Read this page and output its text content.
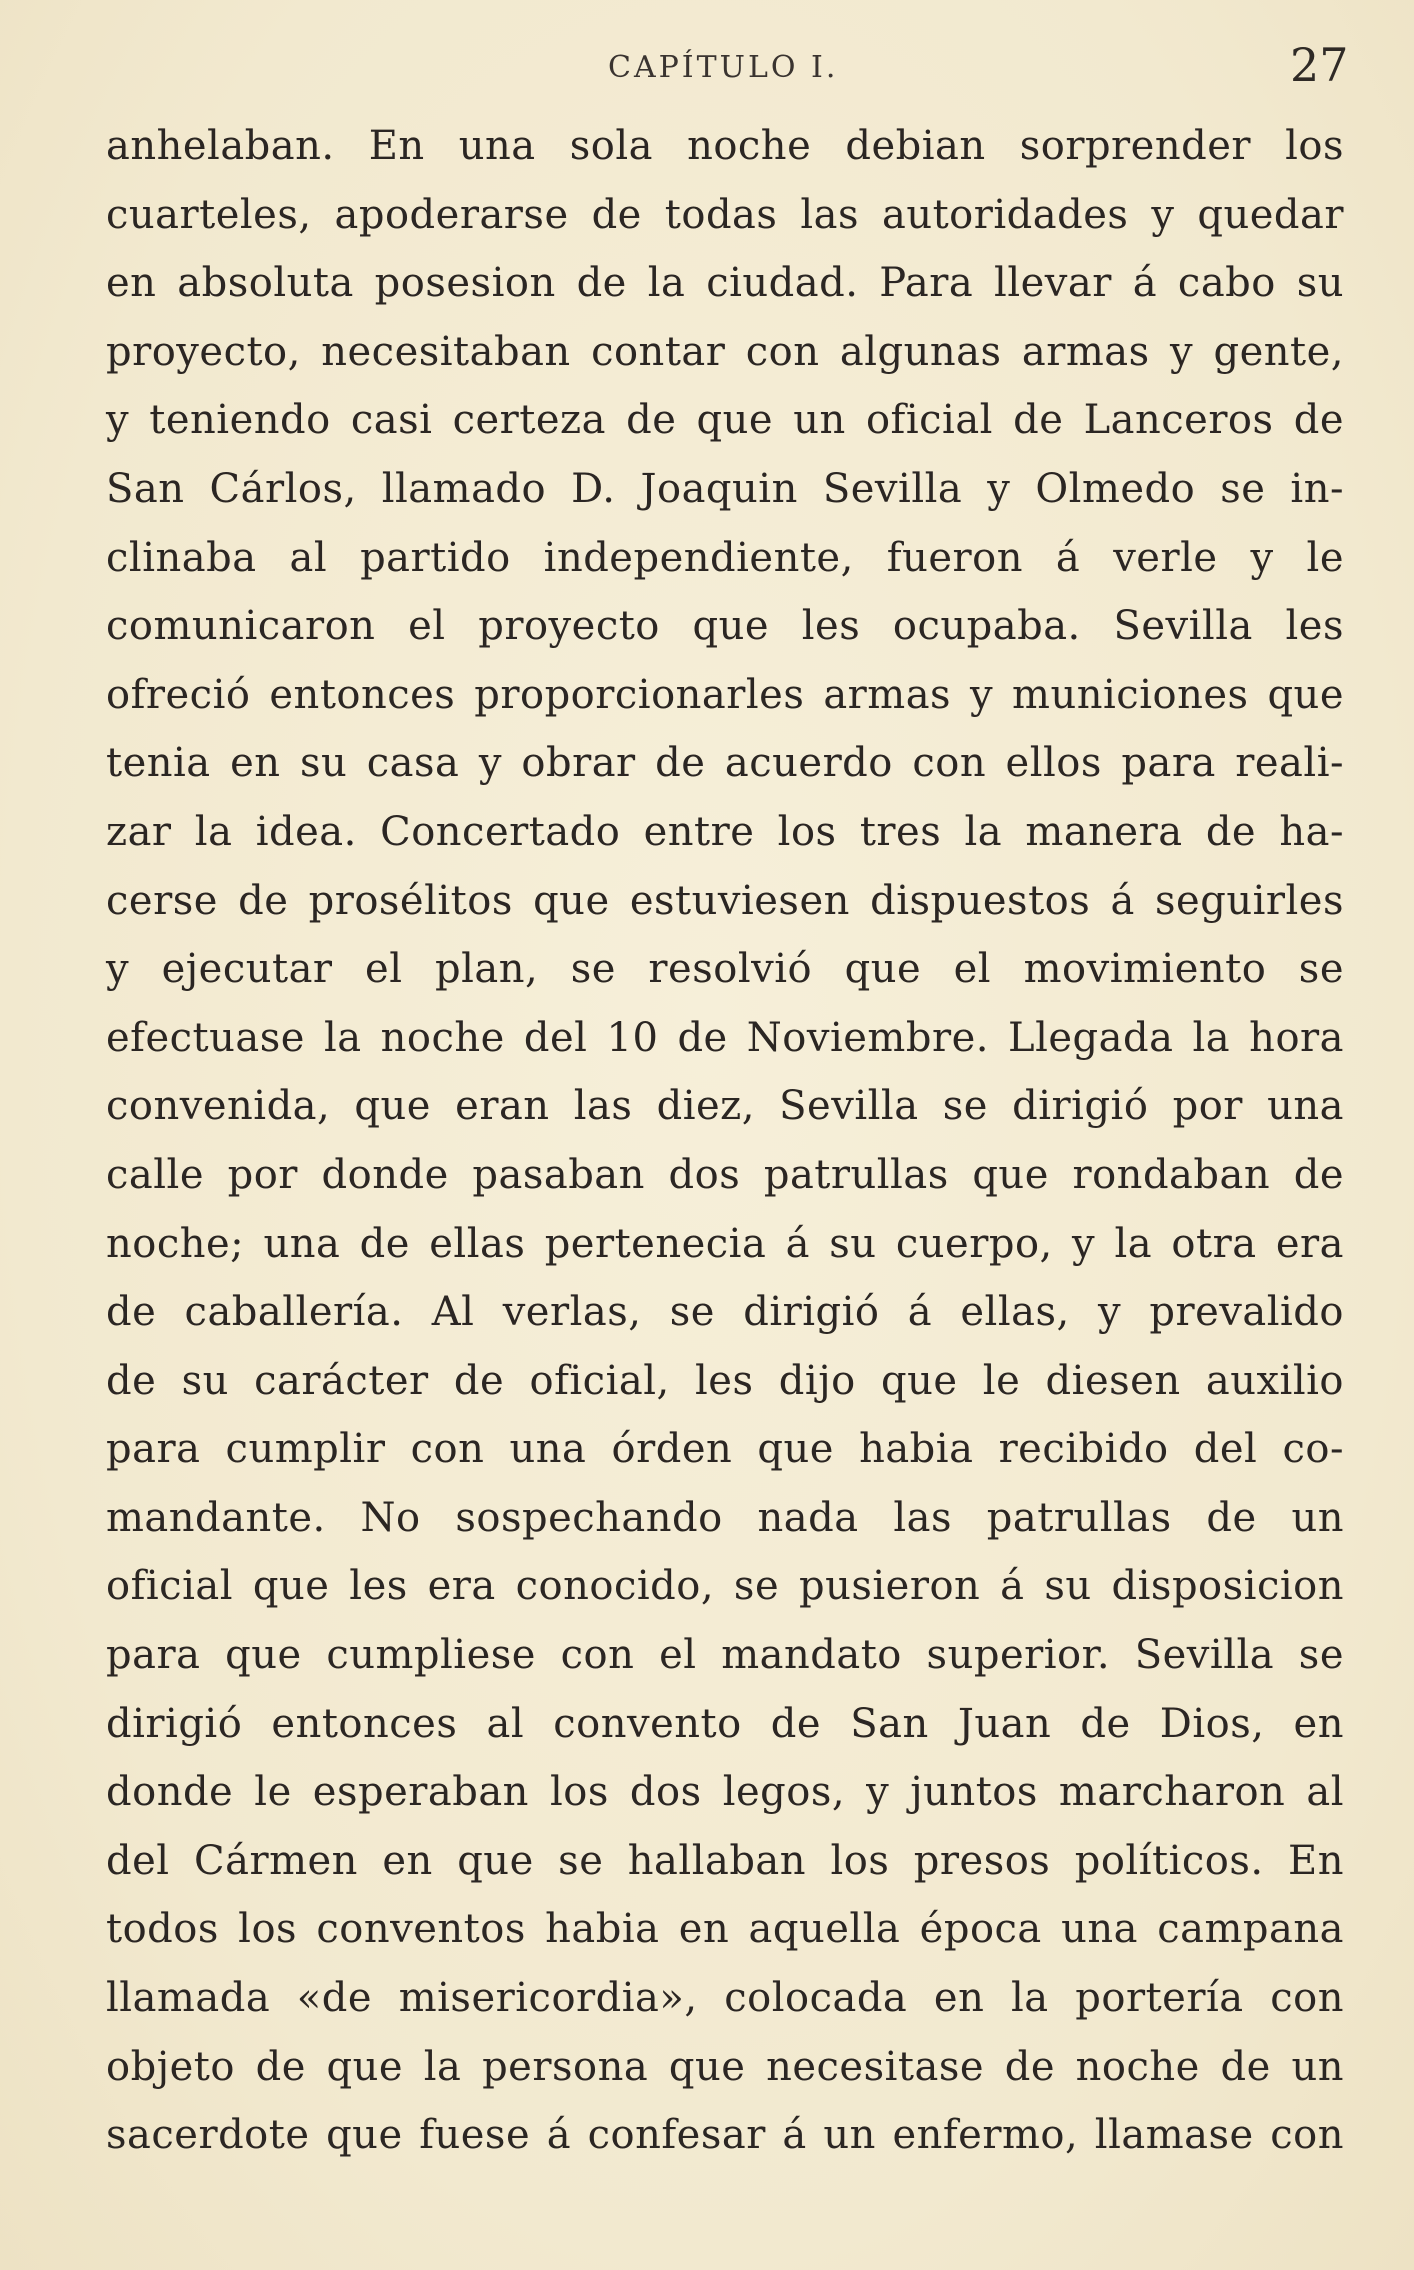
CAPÍTULO I.	27
anhelaban. En una sola noche debian sorprender los
cuarteles, apoderarse de todas las autoridades y quedar
en absoluta posesion de la ciudad. Para llevar á cabo su
proyecto, necesitaban contar con algunas armas y gente,
y teniendo casi certeza de que un oficial de Lanceros de
San Cárlos, llamado D. Joaquin Sevilla y Olmedo se in-
clinaba al partido independiente, fueron á verle y le
comunicaron el proyecto que les ocupaba. Sevilla les
ofreció entonces proporcionarles armas y municiones que
tenia en su casa y obrar de acuerdo con ellos para reali-
zar la idea. Concertado entre los tres la manera de ha-
cerse de prosélitos que estuviesen dispuestos á seguirles
y ejecutar el plan, se resolvió que el movimiento se
efectuase la noche del 10 de Noviembre. Llegada la hora
convenida, que eran las diez, Sevilla se dirigió por una
calle por donde pasaban dos patrullas que rondaban de
noche; una de ellas pertenecia á su cuerpo, y la otra era
de caballería. Al verlas, se dirigió á ellas, y prevalido
de su carácter de oficial, les dijo que le diesen auxilio
para cumplir con una órden que habia recibido del co-
mandante. No sospechando nada las patrullas de un
oficial que les era conocido, se pusieron á su disposicion
para que cumpliese con el mandato superior. Sevilla se
dirigió entonces al convento de San Juan de Dios, en
donde le esperaban los dos legos, y juntos marcharon al
del Cármen en que se hallaban los presos políticos. En
todos los conventos habia en aquella época una campana
llamada «de misericordia», colocada en la portería con
objeto de que la persona que necesitase de noche de un
sacerdote que fuese á confesar á un enfermo, llamase con
